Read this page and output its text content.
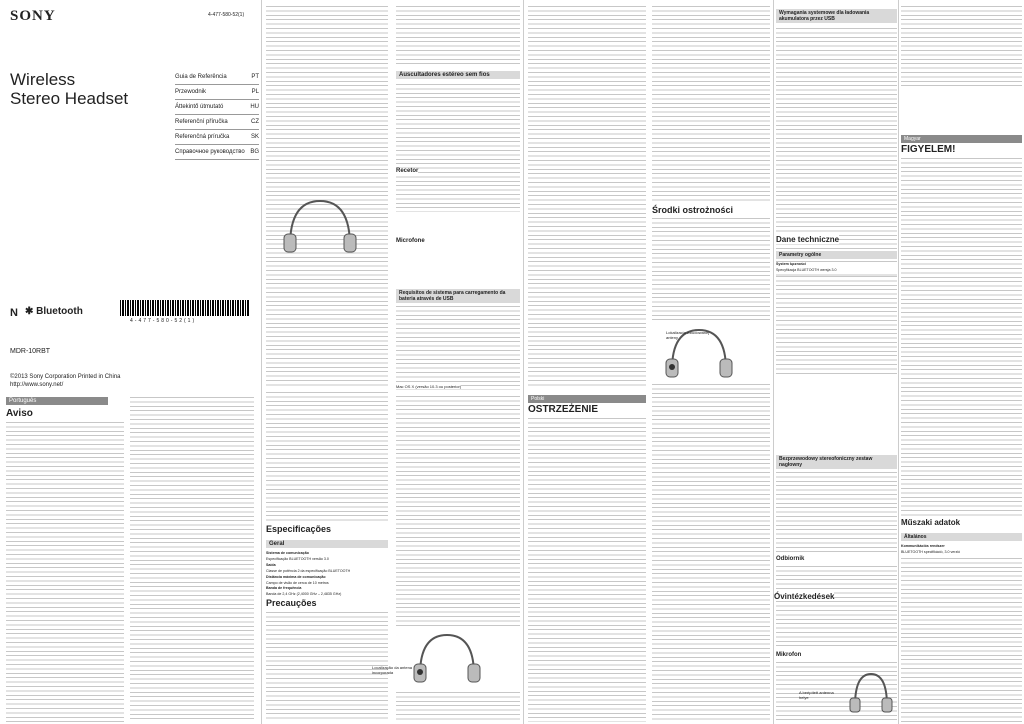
SONY	4-477-580-52(1)
Wireless
Stereo Headset
Guia de Referência	PT
Przewodnik	PL
Áttekintő útmutató	HU
Referenční příručka	CZ
Referenčná príručka	SK
Справочное руководство BG
N ✱ Bluetooth
4-477-580-52(1)
MDR-10RBT
©2013 Sony Corporation Printed in China
http://www.sony.net/
Português
Aviso
Auscultadores estéreo sem fios
Recetor
Microfone
Requisitos de sistema para carregamento da bateria através de USB
Mac OS X (versão 10.3 ou posterior)
Especificações
Geral

Sistema de comunicação

Especificação BLUETOOTH versão 3.0

Saída

Classe de potência 2 da especificação BLUETOOTH

Distância máxima de comunicação

Campo de visão de cerca de 10 metros

Banda de frequência

Banda de 2,4 GHz (2,4000 GHz – 2,4835 GHz)

Precauções
Localização da antena incorporada
Polski
OSTRZEŻENIE
Środki ostrożności
Lokalizacja wbudowanej anteny
Wymagania systemowe dla ładowania akumulatora przez USB
Dane techniczne
Parametry ogólne

System łączności

Specyfikacja BLUETOOTH wersja 3.0

Bezprzewodowy stereofoniczny zestaw nagłowny
Odbiornik
Mikrofon
Magyar
FIGYELEM!
Műszaki adatok
Általános

Kommunikációs rendszer

BLUETOOTH specifikáció, 3.0 verzió

Óvintézkedések
A beépített antenna helye
